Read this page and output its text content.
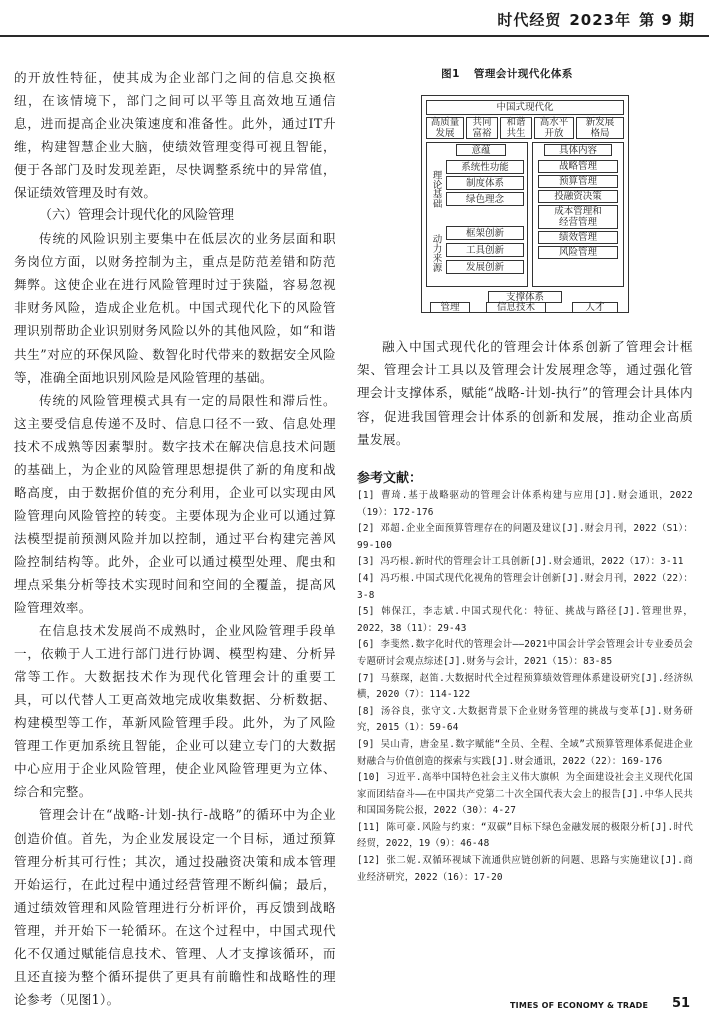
时代经贸 2023年 第 9 期

的开放性特征，使其成为企业部门之间的信息交换枢纽，在该情境下，部门之间可以平等且高效地互通信息，进而提高企业决策速度和准备性。此外，通过IT升维，构建智慧企业大脑，使绩效管理变得可视且智能，便于各部门及时发现差距，尽快调整系统中的异常值，保证绩效管理及时有效。

（六）管理会计现代化的风险管理

传统的风险识别主要集中在低层次的业务层面和职务岗位方面，以财务控制为主，重点是防范差错和防范舞弊。这使企业在进行风险管理时过于狭隘，容易忽视非财务风险，造成企业危机。中国式现代化下的风险管理识别帮助企业识别财务风险以外的其他风险，如“和谐共生”对应的环保风险、数智化时代带来的数据安全风险等，准确全面地识别风险是风险管理的基础。

传统的风险管理模式具有一定的局限性和滞后性。这主要受信息传递不及时、信息口径不一致、信息处理技术不成熟等因素掣肘。数字技术在解决信息技术问题的基础上，为企业的风险管理思想提供了新的角度和战略高度，由于数据价值的充分利用，企业可以实现由风险管理向风险管控的转变。主要体现为企业可以通过算法模型提前预测风险并加以控制，通过平台构建完善风险控制结构等。此外，企业可以通过模型处理、爬虫和埋点采集分析等技术实现时间和空间的全覆盖，提高风险管理效率。

在信息技术发展尚不成熟时，企业风险管理手段单一，依赖于人工进行部门进行协调、模型构建、分析异常等工作。大数据技术作为现代化管理会计的重要工具，可以代替人工更高效地完成收集数据、分析数据、构建模型等工作，革新风险管理手段。此外，为了风险管理工作更加系统且智能，企业可以建立专门的大数据中心应用于企业风险管理，使企业风险管理更为立体、综合和完整。

管理会计在“战略-计划-执行-战略”的循环中为企业创造价值。首先，为企业发展设定一个目标，通过预算管理分析其可行性；其次，通过投融资决策和成本管理开始运行，在此过程中通过经营管理不断纠偏；最后，通过绩效管理和风险管理进行分析评价，再反馈到战略管理，并开始下一轮循环。在这个过程中，中国式现代化不仅通过赋能信息技术、管理、人才支撑该循环，而且还直接为整个循环提供了更具有前瞻性和战略性的理论参考（见图1）。

图1 管理会计现代化体系
中国式现代化
高质量
发展
共同
富裕
和谐
共生
高水平
开放
新发展
格局
意蕴
理论基础
系统性功能
制度体系
绿色理念
动力来源
框架创新
工具创新
发展创新
具体内容
战略管理
预算管理
投融资决策
成本管理和
经营管理
绩效管理
风险管理
支撑体系
管理	信息技术	人才

融入中国式现代化的管理会计体系创新了管理会计框架、管理会计工具以及管理会计发展理念等，通过强化管理会计支撑体系，赋能“战略-计划-执行”的管理会计具体内容，促进我国管理会计体系的创新和发展，推动企业高质量发展。

参考文献：
[1] 曹琦.基于战略驱动的管理会计体系构建与应用[J].财会通讯，2022（19）：172-176
[2] 邓超.企业全面预算管理存在的问题及建议[J].财会月刊，2022（S1）：99-100
[3] 冯巧根.新时代的管理会计工具创新[J].财会通讯，2022（17）：3-11
[4] 冯巧根.中国式现代化视角的管理会计创新[J].财会月刊，2022（22）：3-8
[5] 韩保江，李志斌.中国式现代化：特征、挑战与路径[J].管理世界，2022，38（11）：29-43
[6] 李斐然.数字化时代的管理会计——2021中国会计学会管理会计专业委员会专题研讨会观点综述[J].财务与会计，2021（15）：83-85
[7] 马蔡琛，赵笛.大数据时代全过程预算绩效管理体系建设研究[J].经济纵横，2020（7）：114-122
[8] 汤谷良，张守文.大数据背景下企业财务管理的挑战与变革[J].财务研究，2015（1）：59-64
[9] 吴山青，唐金星.数字赋能“全员、全程、全域”式预算管理体系促进企业财融合与价值创造的探索与实践[J].财会通讯，2022（22）：169-176
[10] 习近平.高举中国特色社会主义伟大旗帜 为全面建设社会主义现代化国家而团结奋斗——在中国共产党第二十次全国代表大会上的报告[J].中华人民共和国国务院公报，2022（30）：4-27
[11] 陈可豪.风险与约束：“双碳”目标下绿色金融发展的极限分析[J].时代经贸，2022，19（9）：46-48
[12] 张二妮.双循环视域下流通供应链创新的问题、思路与实施建议[J].商业经济研究，2022（16）：17-20
TIMES OF ECONOMY & TRADE 51
